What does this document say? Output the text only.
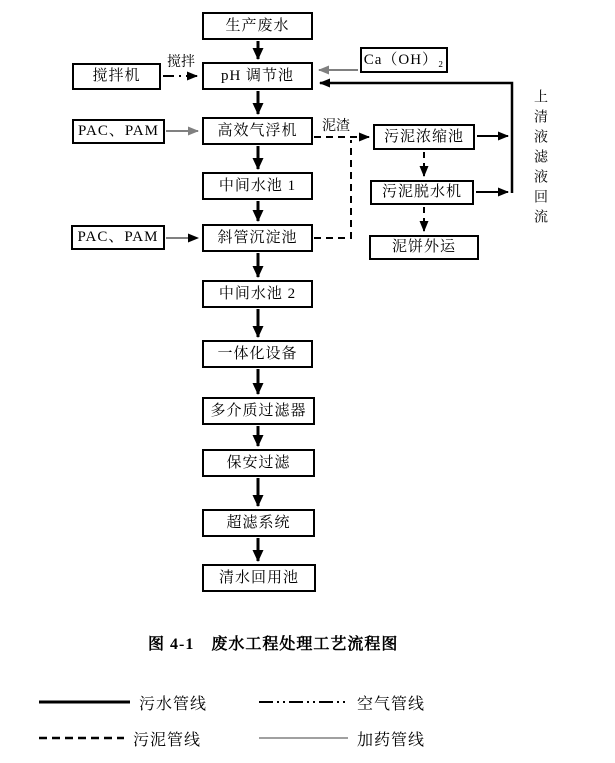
生产废水
pH 调节池
高效气浮机
中间水池 1
斜管沉淀池
中间水池 2
一体化设备
多介质过滤器
保安过滤
超滤系统
清水回用池
搅拌机
PAC、PAM
PAC、PAM
Ca（OH）₂
污泥浓缩池
污泥脱水机
泥饼外运
搅拌
泥渣	上清液滤液回流
图 4-1　废水工程处理工艺流程图
污水管线
污泥管线
空气管线
加药管线
